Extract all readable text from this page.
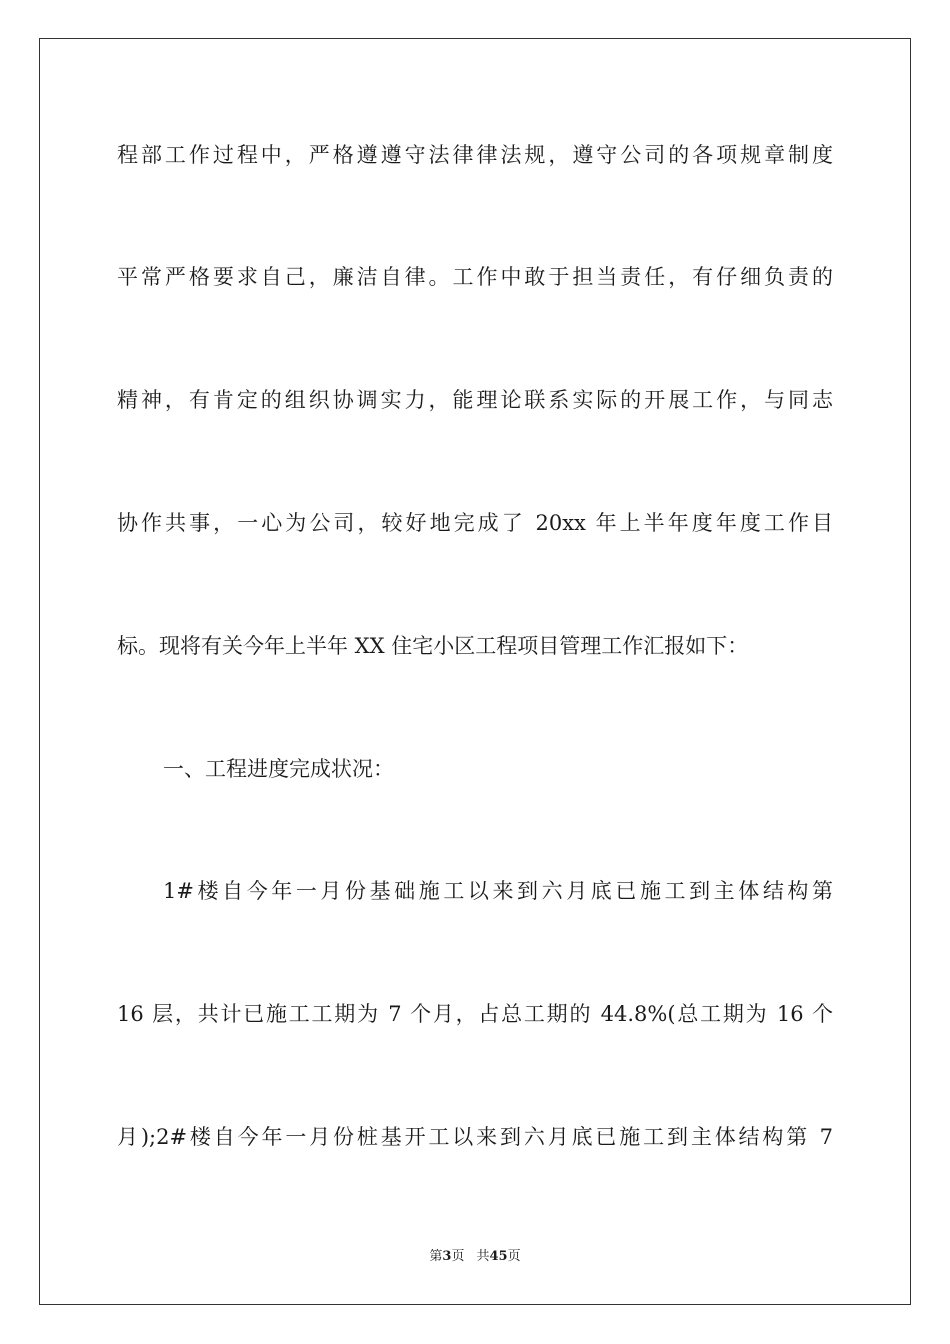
程部工作过程中，严格遵遵守法律律法规，遵守公司的各项规章制度
平常严格要求自己，廉洁自律。工作中敢于担当责任，有仔细负责的
精神，有肯定的组织协调实力，能理论联系实际的开展工作，与同志
协作共事，一心为公司，较好地完成了 20xx 年上半年度年度工作目
标。现将有关今年上半年 XX 住宅小区工程项目管理工作汇报如下：
一、工程进度完成状况：
1#楼自今年一月份基础施工以来到六月底已施工到主体结构第
16 层，共计已施工工期为 7 个月，占总工期的 44.8%(总工期为 16 个
月);2#楼自今年一月份桩基开工以来到六月底已施工到主体结构第 7
第3页 共45页
